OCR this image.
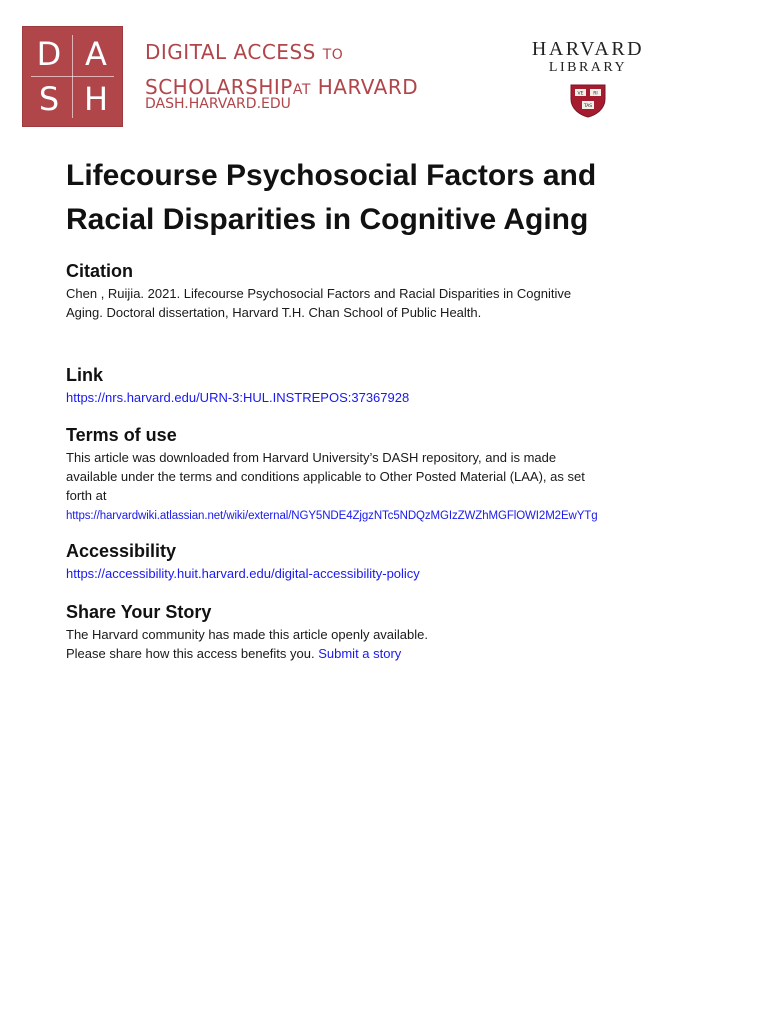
D A
S H
DIGITAL ACCESS TO
SCHOLARSHIPAT HARVARD
DASH.HARVARD.EDU
HARVARD
LIBRARY
VE RI
TAS
Lifecourse Psychosocial Factors and
Racial Disparities in Cognitive Aging
Citation
Chen , Ruijia. 2021. Lifecourse Psychosocial Factors and Racial Disparities in Cognitive
Aging. Doctoral dissertation, Harvard T.H. Chan School of Public Health.
Link
https://nrs.harvard.edu/URN-3:HUL.INSTREPOS:37367928
Terms of use
This article was downloaded from Harvard University’s DASH repository, and is made
available under the terms and conditions applicable to Other Posted Material (LAA), as set
forth at
https://harvardwiki.atlassian.net/wiki/external/NGY5NDE4ZjgzNTc5NDQzMGIzZWZhMGFlOWI2M2EwYTg
Accessibility
https://accessibility.huit.harvard.edu/digital-accessibility-policy
Share Your Story
The Harvard community has made this article openly available.
Please share how this access benefits you. Submit a story
